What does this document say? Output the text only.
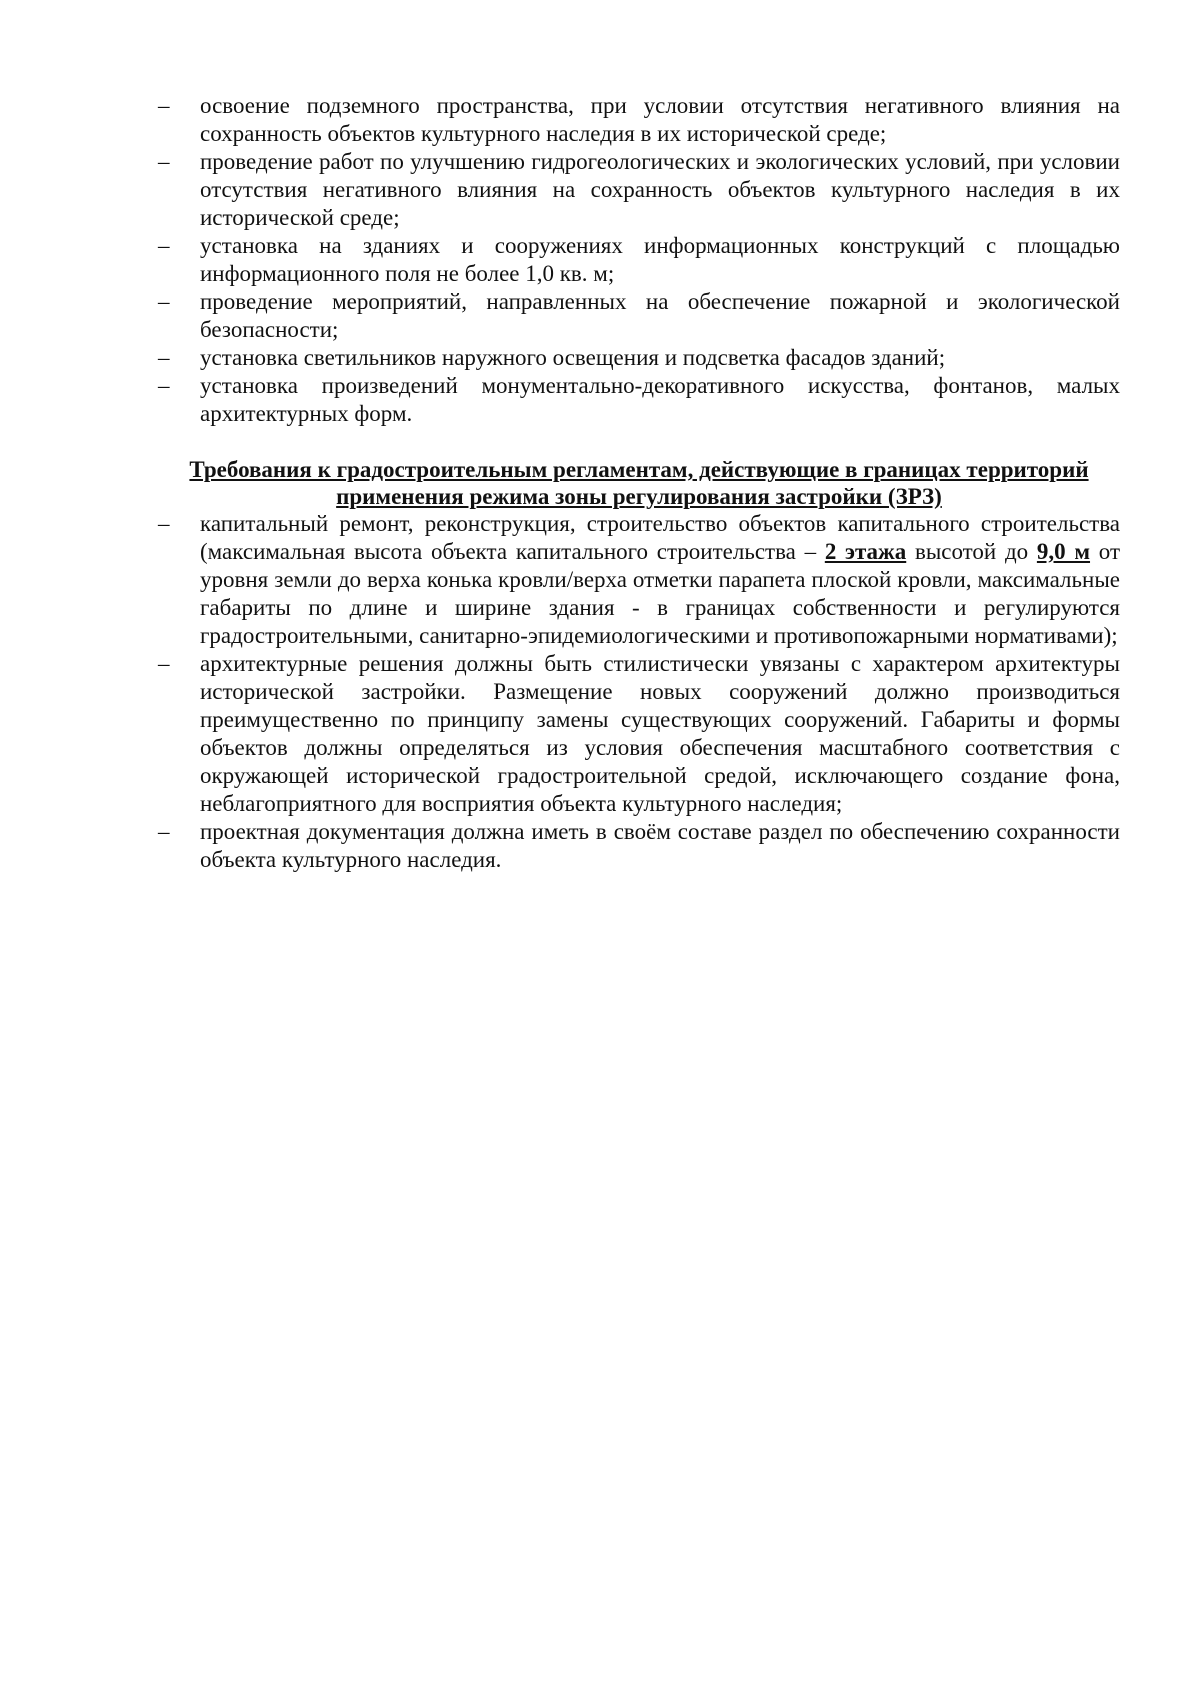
–	освоение подземного пространства, при условии отсутствия негативного влияния на сохранность объектов культурного наследия в их исторической среде;
–	проведение работ по улучшению гидрогеологических и экологических условий, при условии отсутствия негативного влияния на сохранность объектов культурного наследия в их исторической среде;
–	установка на зданиях и сооружениях информационных конструкций с площадью информационного поля не более 1,0 кв. м;
–	проведение мероприятий, направленных на обеспечение пожарной и экологической безопасности;
–	установка светильников наружного освещения и подсветка фасадов зданий;
–	установка произведений монументально-декоративного искусства, фонтанов, малых архитектурных форм.
Требования к градостроительным регламентам, действующие в границах территорий
применения режима зоны регулирования застройки (ЗРЗ)
–	капитальный ремонт, реконструкция, строительство объектов капитального строительства (максимальная высота объекта капитального строительства – 2 этажа высотой до 9,0 м от уровня земли до верха конька кровли/верха отметки парапета плоской кровли, максимальные габариты по длине и ширине здания - в границах собственности и регулируются градостроительными, санитарно-эпидемиологическими и противопожарными нормативами);
–	архитектурные решения должны быть стилистически увязаны с характером архитектуры исторической застройки. Размещение новых сооружений должно производиться преимущественно по принципу замены существующих сооружений. Габариты и формы объектов должны определяться из условия обеспечения масштабного соответствия с окружающей исторической градостроительной средой, исключающего создание фона, неблагоприятного для восприятия объекта культурного наследия;
–	проектная документация должна иметь в своём составе раздел по обеспечению сохранности объекта культурного наследия.
